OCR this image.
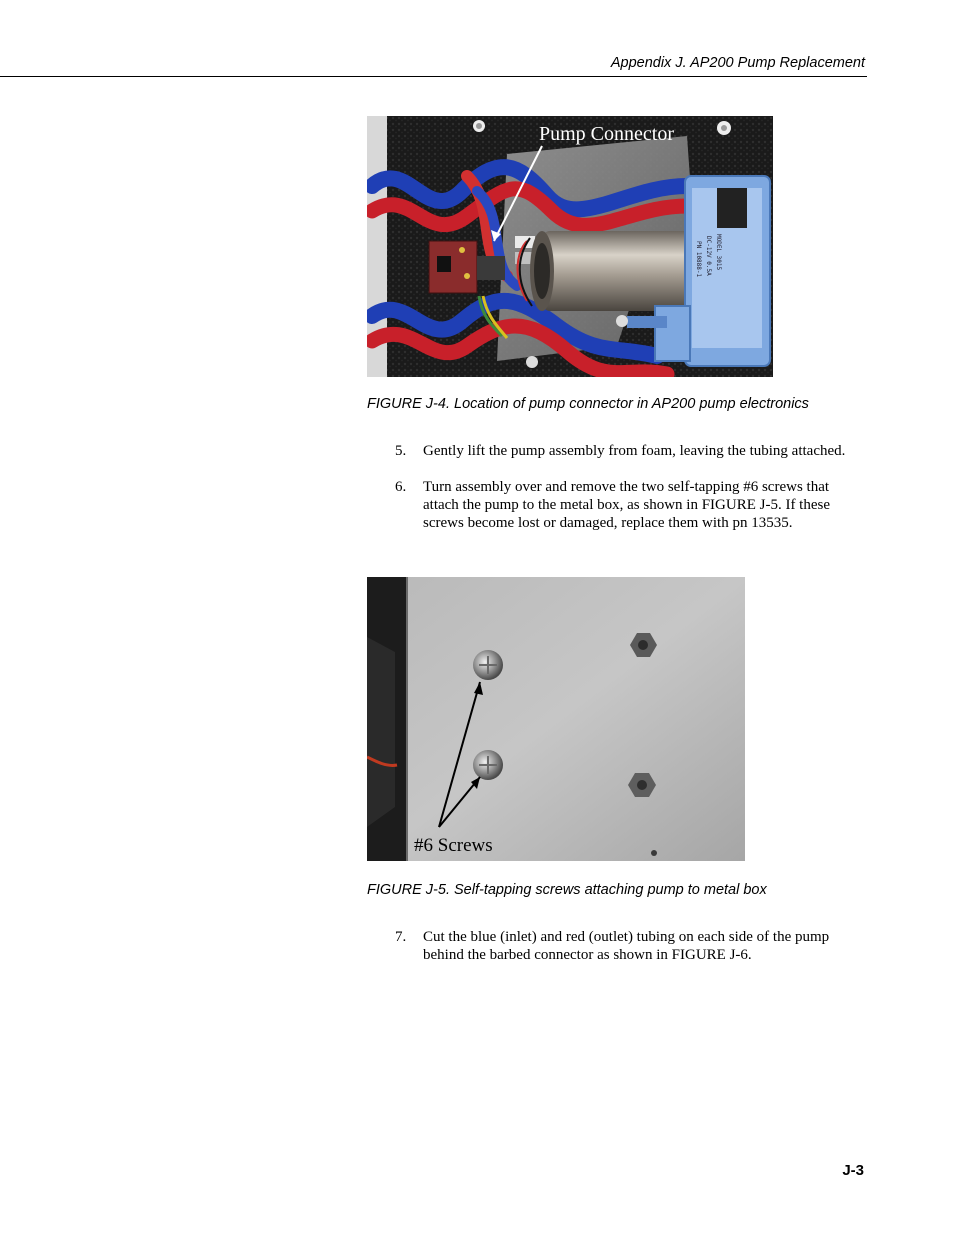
Appendix J. AP200 Pump Replacement
PN 10888-1 DC-12V 0.5A MODEL 3015
Pump Connector
FIGURE J-4. Location of pump connector in AP200 pump electronics
5. Gently lift the pump assembly from foam, leaving the tubing attached.
6. Turn assembly over and remove the two self-tapping #6 screws that attach the pump to the metal box, as shown in FIGURE J-5. If these screws become lost or damaged, replace them with pn 13535.
#6 Screws
FIGURE J-5. Self-tapping screws attaching pump to metal box
7. Cut the blue (inlet) and red (outlet) tubing on each side of the pump behind the barbed connector as shown in FIGURE J-6.
J-3
